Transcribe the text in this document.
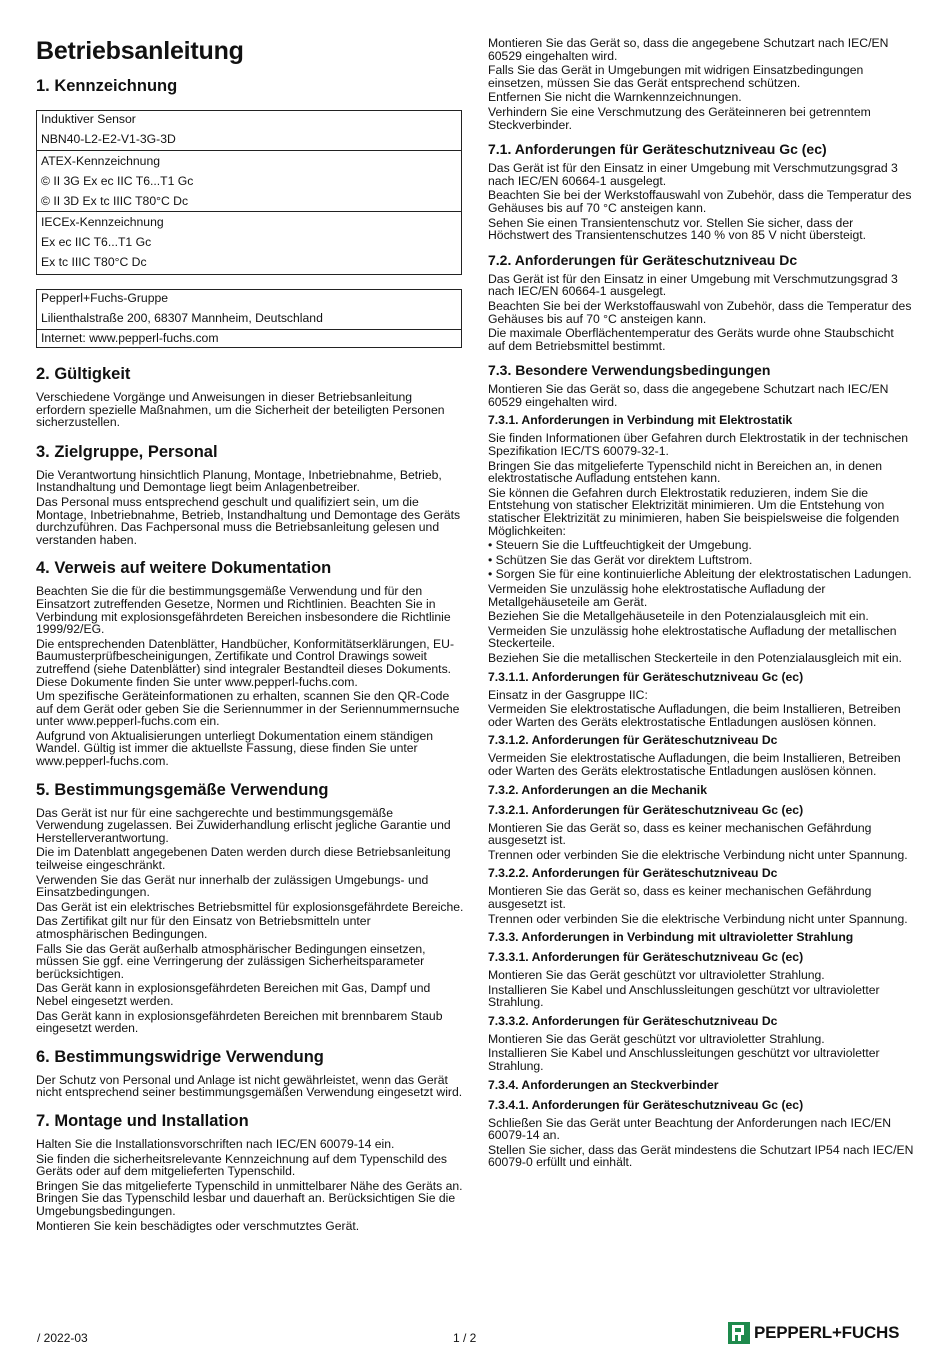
Betriebsanleitung
1. Kennzeichnung
Induktiver Sensor
NBN40-L2-E2-V1-3G-3D
ATEX-Kennzeichnung
© II 3G Ex ec IIC T6...T1 Gc
© II 3D Ex tc IIIC T80°C Dc
IECEx-Kennzeichnung
Ex ec IIC T6...T1 Gc
Ex tc IIIC T80°C Dc
Pepperl+Fuchs-Gruppe
Lilienthalstraße 200, 68307 Mannheim, Deutschland
Internet: www.pepperl-fuchs.com
2. Gültigkeit

Verschiedene Vorgänge und Anweisungen in dieser Betriebsanleitung erfordern spezielle Maßnahmen, um die Sicherheit der beteiligten Personen sicherzustellen.

3. Zielgruppe, Personal

Die Verantwortung hinsichtlich Planung, Montage, Inbetriebnahme, Betrieb, Instandhaltung und Demontage liegt beim Anlagenbetreiber.

Das Personal muss entsprechend geschult und qualifiziert sein, um die Montage, Inbetriebnahme, Betrieb, Instandhaltung und Demontage des Geräts durchzuführen. Das Fachpersonal muss die Betriebsanleitung gelesen und verstanden haben.

4. Verweis auf weitere Dokumentation

Beachten Sie die für die bestimmungsgemäße Verwendung und für den Einsatzort zutreffenden Gesetze, Normen und Richtlinien. Beachten Sie in Verbindung mit explosionsgefährdeten Bereichen insbesondere die Richtlinie 1999/92/EG.

Die entsprechenden Datenblätter, Handbücher, Konformitätserklärungen, EU-Baumusterprüfbescheinigungen, Zertifikate und Control Drawings soweit zutreffend (siehe Datenblätter) sind integraler Bestandteil dieses Dokuments. Diese Dokumente finden Sie unter www.pepperl-fuchs.com.

Um spezifische Geräteinformationen zu erhalten, scannen Sie den QR-Code auf dem Gerät oder geben Sie die Seriennummer in der Seriennummernsuche unter www.pepperl-fuchs.com ein.

Aufgrund von Aktualisierungen unterliegt Dokumentation einem ständigen Wandel. Gültig ist immer die aktuellste Fassung, diese finden Sie unter www.pepperl-fuchs.com.

5. Bestimmungsgemäße Verwendung

Das Gerät ist nur für eine sachgerechte und bestimmungsgemäße Verwendung zugelassen. Bei Zuwiderhandlung erlischt jegliche Garantie und Herstellerverantwortung.

Die im Datenblatt angegebenen Daten werden durch diese Betriebsanleitung teilweise eingeschränkt.

Verwenden Sie das Gerät nur innerhalb der zulässigen Umgebungs- und Einsatzbedingungen.

Das Gerät ist ein elektrisches Betriebsmittel für explosionsgefährdete Bereiche.

Das Zertifikat gilt nur für den Einsatz von Betriebsmitteln unter atmosphärischen Bedingungen.

Falls Sie das Gerät außerhalb atmosphärischer Bedingungen einsetzen, müssen Sie ggf. eine Verringerung der zulässigen Sicherheitsparameter berücksichtigen.

Das Gerät kann in explosionsgefährdeten Bereichen mit Gas, Dampf und Nebel eingesetzt werden.

Das Gerät kann in explosionsgefährdeten Bereichen mit brennbarem Staub eingesetzt werden.

6. Bestimmungswidrige Verwendung

Der Schutz von Personal und Anlage ist nicht gewährleistet, wenn das Gerät nicht entsprechend seiner bestimmungsgemäßen Verwendung eingesetzt wird.

7. Montage und Installation

Halten Sie die Installationsvorschriften nach IEC/EN 60079-14 ein.

Sie finden die sicherheitsrelevante Kennzeichnung auf dem Typenschild des Geräts oder auf dem mitgelieferten Typenschild.

Bringen Sie das mitgelieferte Typenschild in unmittelbarer Nähe des Geräts an. Bringen Sie das Typenschild lesbar und dauerhaft an. Berücksichtigen Sie die Umgebungsbedingungen.

Montieren Sie kein beschädigtes oder verschmutztes Gerät.

Montieren Sie das Gerät so, dass die angegebene Schutzart nach IEC/EN 60529 eingehalten wird.

Falls Sie das Gerät in Umgebungen mit widrigen Einsatzbedingungen einsetzen, müssen Sie das Gerät entsprechend schützen.

Entfernen Sie nicht die Warnkennzeichnungen.

Verhindern Sie eine Verschmutzung des Geräteinneren bei getrenntem Steckverbinder.

7.1. Anforderungen für Geräteschutzniveau Gc (ec)

Das Gerät ist für den Einsatz in einer Umgebung mit Verschmutzungsgrad 3 nach IEC/EN 60664-1 ausgelegt.

Beachten Sie bei der Werkstoffauswahl von Zubehör, dass die Temperatur des Gehäuses bis auf 70 °C ansteigen kann.

Sehen Sie einen Transientenschutz vor. Stellen Sie sicher, dass der Höchstwert des Transientenschutzes 140 % von 85 V nicht übersteigt.

7.2. Anforderungen für Geräteschutzniveau Dc

Das Gerät ist für den Einsatz in einer Umgebung mit Verschmutzungsgrad 3 nach IEC/EN 60664-1 ausgelegt.

Beachten Sie bei der Werkstoffauswahl von Zubehör, dass die Temperatur des Gehäuses bis auf 70 °C ansteigen kann.

Die maximale Oberflächentemperatur des Geräts wurde ohne Staubschicht auf dem Betriebsmittel bestimmt.

7.3. Besondere Verwendungsbedingungen

Montieren Sie das Gerät so, dass die angegebene Schutzart nach IEC/EN 60529 eingehalten wird.

7.3.1. Anforderungen in Verbindung mit Elektrostatik

Sie finden Informationen über Gefahren durch Elektrostatik in der technischen Spezifikation IEC/TS 60079-32-1.

Bringen Sie das mitgelieferte Typenschild nicht in Bereichen an, in denen elektrostatische Aufladung entstehen kann.

Sie können die Gefahren durch Elektrostatik reduzieren, indem Sie die Entstehung von statischer Elektrizität minimieren. Um die Entstehung von statischer Elektrizität zu minimieren, haben Sie beispielsweise die folgenden Möglichkeiten:

• Steuern Sie die Luftfeuchtigkeit der Umgebung.

• Schützen Sie das Gerät vor direktem Luftstrom.

• Sorgen Sie für eine kontinuierliche Ableitung der elektrostatischen Ladungen.

Vermeiden Sie unzulässig hohe elektrostatische Aufladung der Metallgehäuseteile am Gerät.

Beziehen Sie die Metallgehäuseteile in den Potenzialausgleich mit ein.

Vermeiden Sie unzulässig hohe elektrostatische Aufladung der metallischen Steckerteile.

Beziehen Sie die metallischen Steckerteile in den Potenzialausgleich mit ein.

7.3.1.1. Anforderungen für Geräteschutzniveau Gc (ec)

Einsatz in der Gasgruppe IIC:

Vermeiden Sie elektrostatische Aufladungen, die beim Installieren, Betreiben oder Warten des Geräts elektrostatische Entladungen auslösen können.

7.3.1.2. Anforderungen für Geräteschutzniveau Dc

Vermeiden Sie elektrostatische Aufladungen, die beim Installieren, Betreiben oder Warten des Geräts elektrostatische Entladungen auslösen können.

7.3.2. Anforderungen an die Mechanik
7.3.2.1. Anforderungen für Geräteschutzniveau Gc (ec)

Montieren Sie das Gerät so, dass es keiner mechanischen Gefährdung ausgesetzt ist.

Trennen oder verbinden Sie die elektrische Verbindung nicht unter Spannung.

7.3.2.2. Anforderungen für Geräteschutzniveau Dc

Montieren Sie das Gerät so, dass es keiner mechanischen Gefährdung ausgesetzt ist.

Trennen oder verbinden Sie die elektrische Verbindung nicht unter Spannung.

7.3.3. Anforderungen in Verbindung mit ultravioletter Strahlung
7.3.3.1. Anforderungen für Geräteschutzniveau Gc (ec)

Montieren Sie das Gerät geschützt vor ultravioletter Strahlung.

Installieren Sie Kabel und Anschlussleitungen geschützt vor ultravioletter Strahlung.

7.3.3.2. Anforderungen für Geräteschutzniveau Dc

Montieren Sie das Gerät geschützt vor ultravioletter Strahlung.

Installieren Sie Kabel und Anschlussleitungen geschützt vor ultravioletter Strahlung.

7.3.4. Anforderungen an Steckverbinder
7.3.4.1. Anforderungen für Geräteschutzniveau Gc (ec)

Schließen Sie das Gerät unter Beachtung der Anforderungen nach IEC/EN 60079-14 an.

Stellen Sie sicher, dass das Gerät mindestens die Schutzart IP54 nach IEC/EN 60079-0 erfüllt und einhält.

/ 2022-03	1 / 2	PEPPERL+FUCHS
